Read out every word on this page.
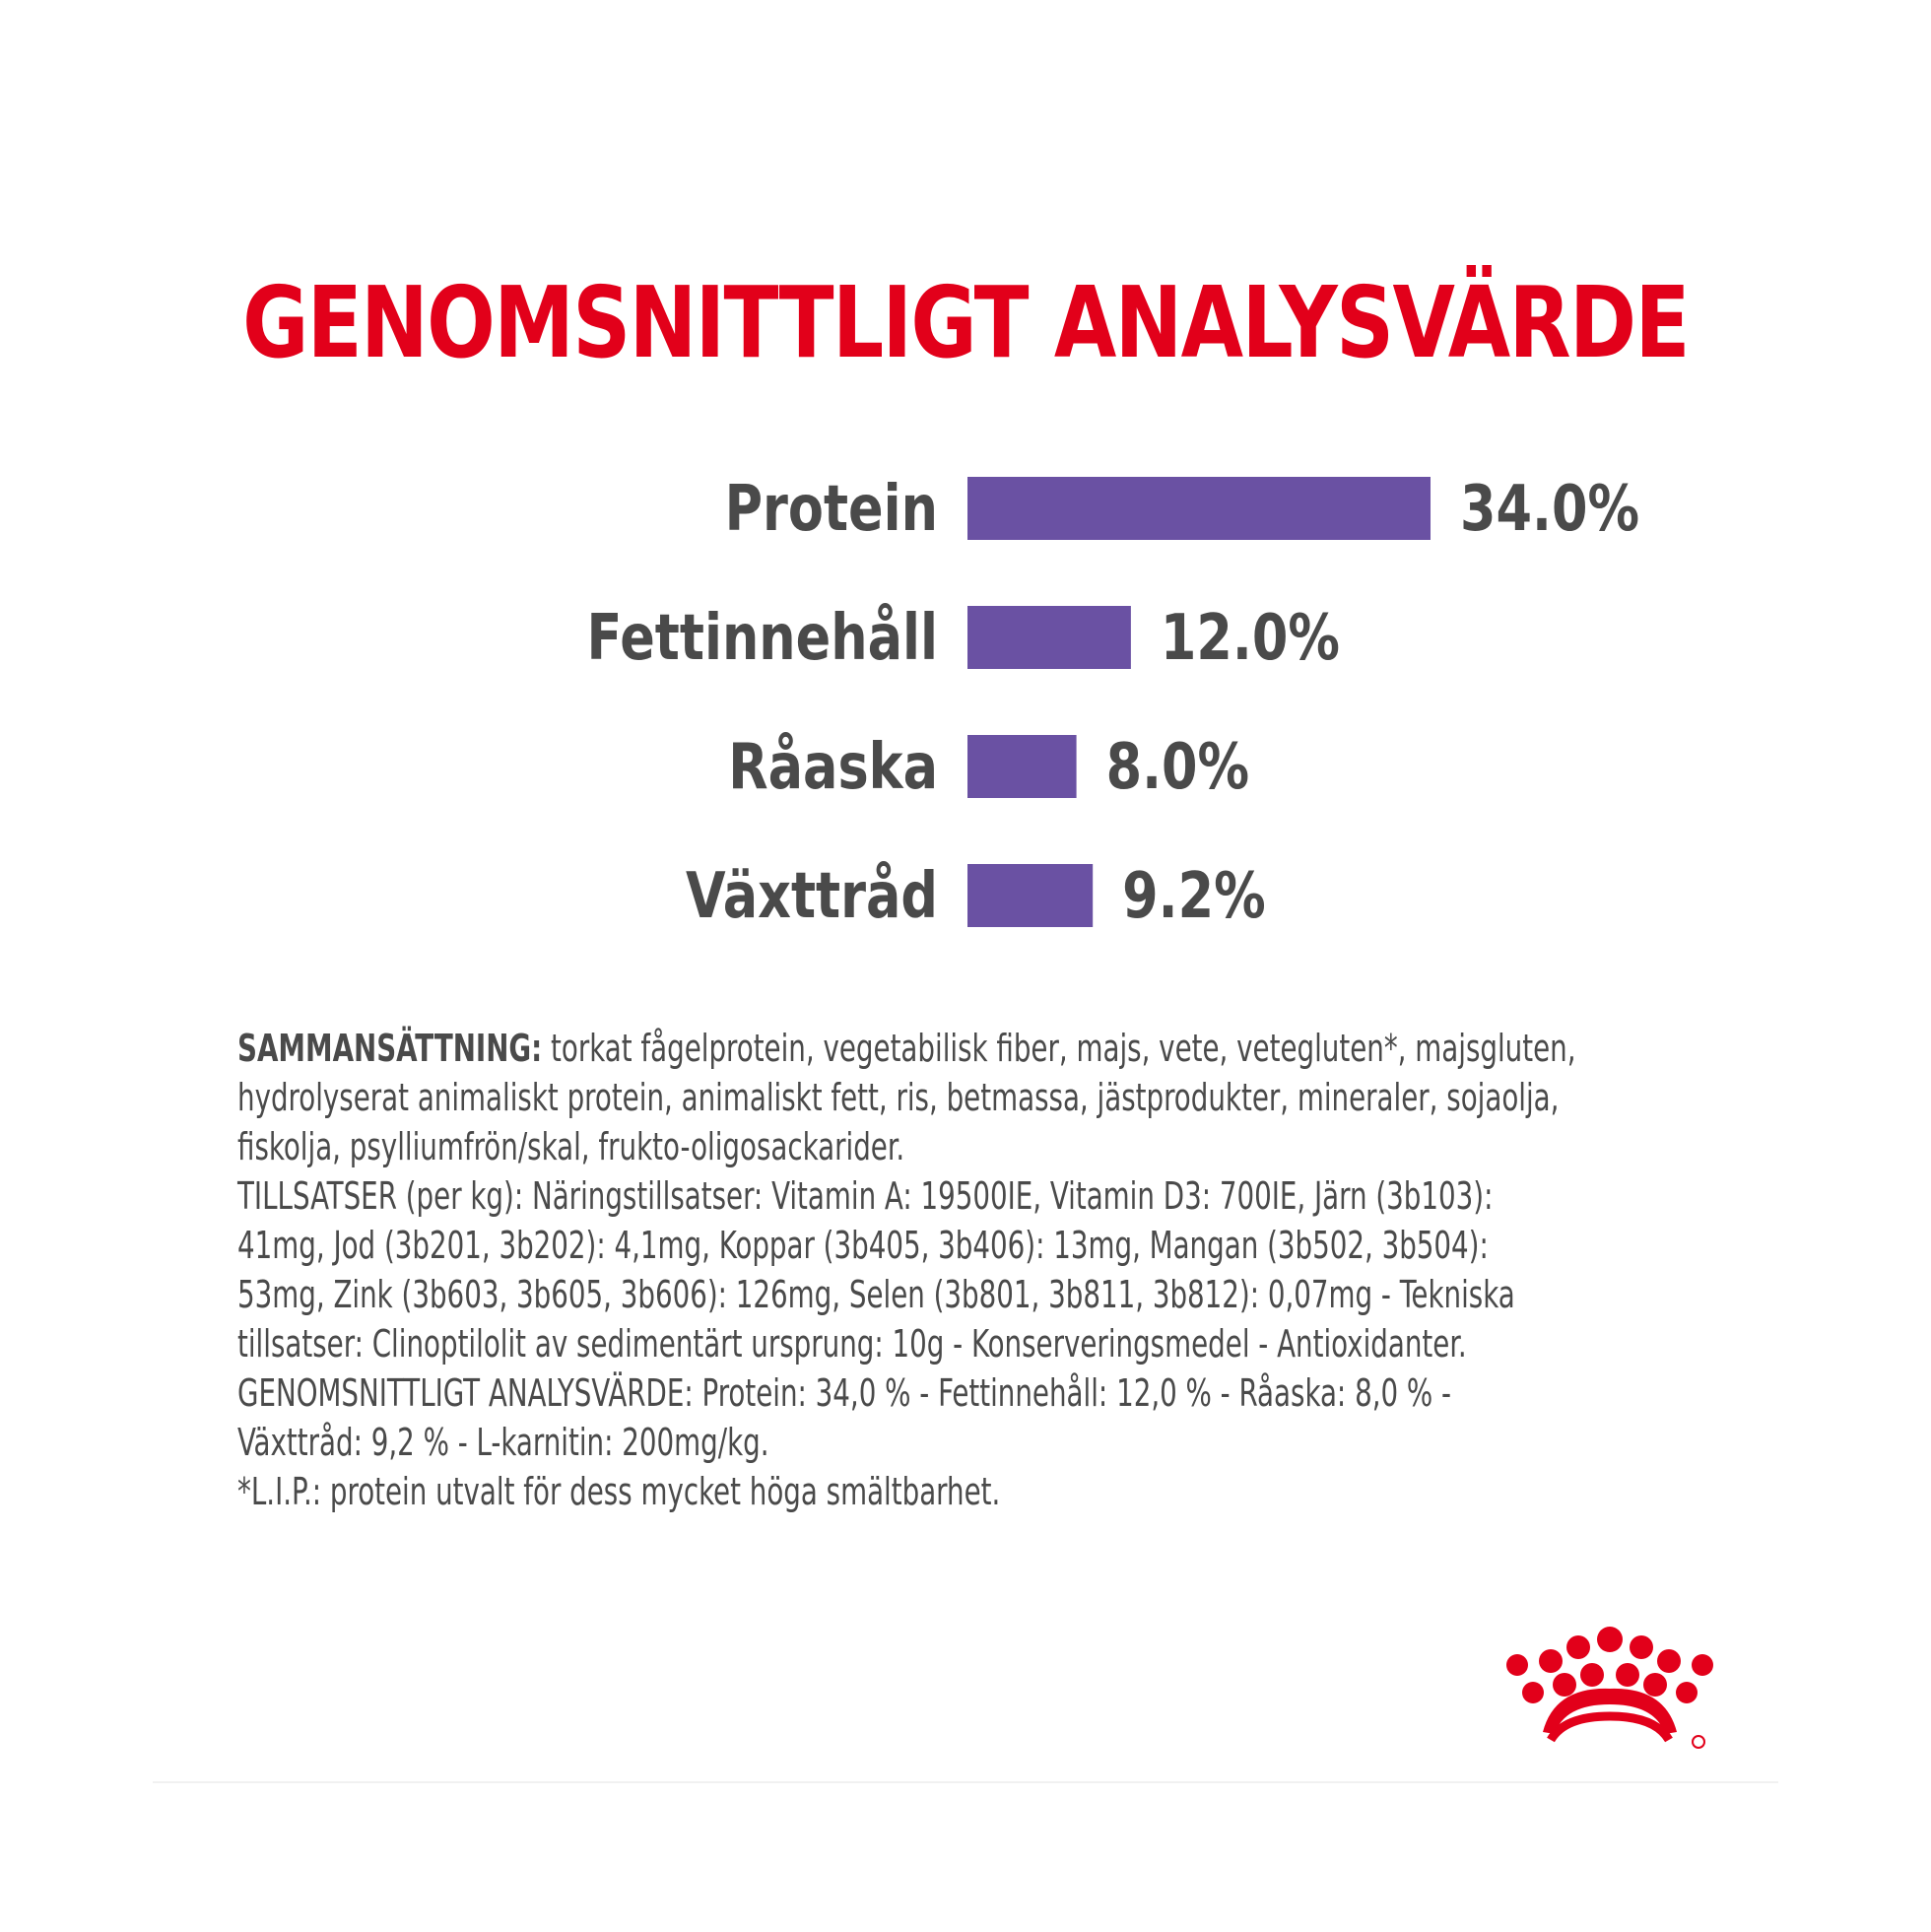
GENOMSNITTLIGT ANALYSVÄRDE
Protein	34.0%
Fettinnehåll	12.0%
Råaska	8.0%
Växttråd	9.2%

SAMMANSÄTTNING: torkat fågelprotein, vegetabilisk fiber, majs, vete, vetegluten*, majsgluten, hydrolyserat animaliskt protein, animaliskt fett, ris, betmassa, jästprodukter, mineraler, sojaolja, fiskolja, psylliumfrön/skal, frukto-oligosackarider.

TILLSATSER (per kg): Näringstillsatser: Vitamin A: 19500IE, Vitamin D3: 700IE, Järn (3b103): 41mg, Jod (3b201, 3b202): 4,1mg, Koppar (3b405, 3b406): 13mg, Mangan (3b502, 3b504): 53mg, Zink (3b603, 3b605, 3b606): 126mg, Selen (3b801, 3b811, 3b812): 0,07mg - Tekniska tillsatser: Clinoptilolit av sedimentärt ursprung: 10g - Konserveringsmedel - Antioxidanter.

GENOMSNITTLIGT ANALYSVÄRDE: Protein: 34,0 % - Fettinnehåll: 12,0 % - Råaska: 8,0 % - Växttråd: 9,2 % - L-karnitin: 200mg/kg.

*L.I.P.: protein utvalt för dess mycket höga smältbarhet.
